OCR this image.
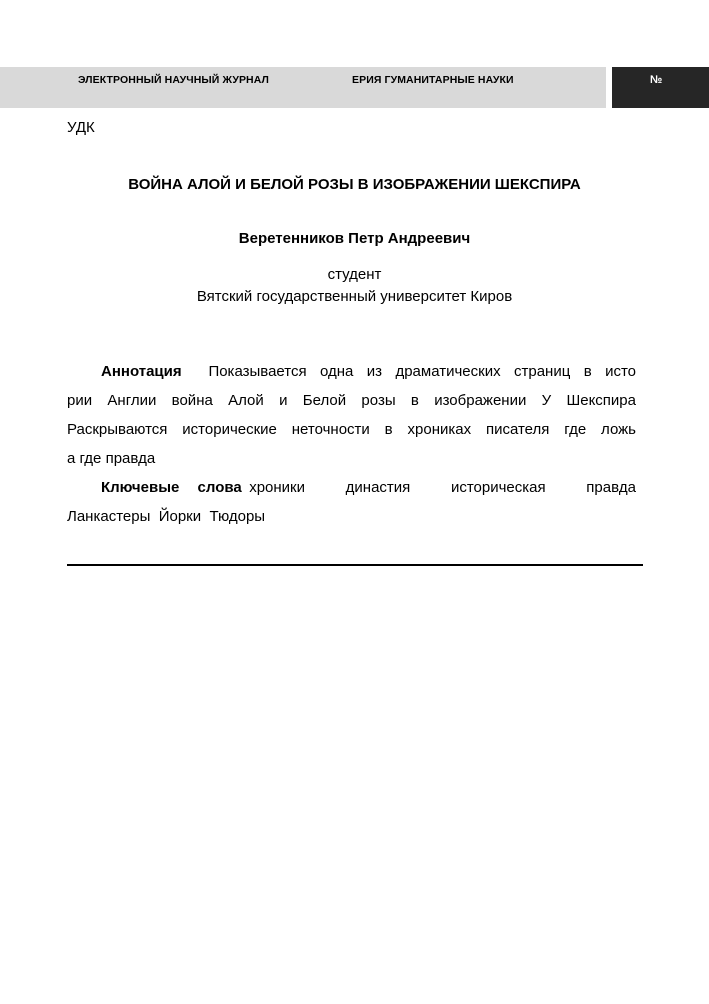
ЭЛЕКТРОННЫЙ НАУЧНЫЙ ЖУРНАЛ	ЕРИЯ ГУМАНИТАРНЫЕ НАУКИ	№
УДК
ВОЙНА АЛОЙ И БЕЛОЙ РОЗЫ В ИЗОБРАЖЕНИИ ШЕКСПИРА
Веретенников Петр Андреевич
студент
Вятский государственный университет Киров
Аннотация Показывается одна из драматических страниц в исто
рии Англии война Алой и Белой розы в изображении У Шекспира
Раскрываются исторические неточности в хрониках писателя где ложь
а где правда
Ключевые слова хроники    династия    историческая    правда
Ланкастеры  Йорки  Тюдоры
